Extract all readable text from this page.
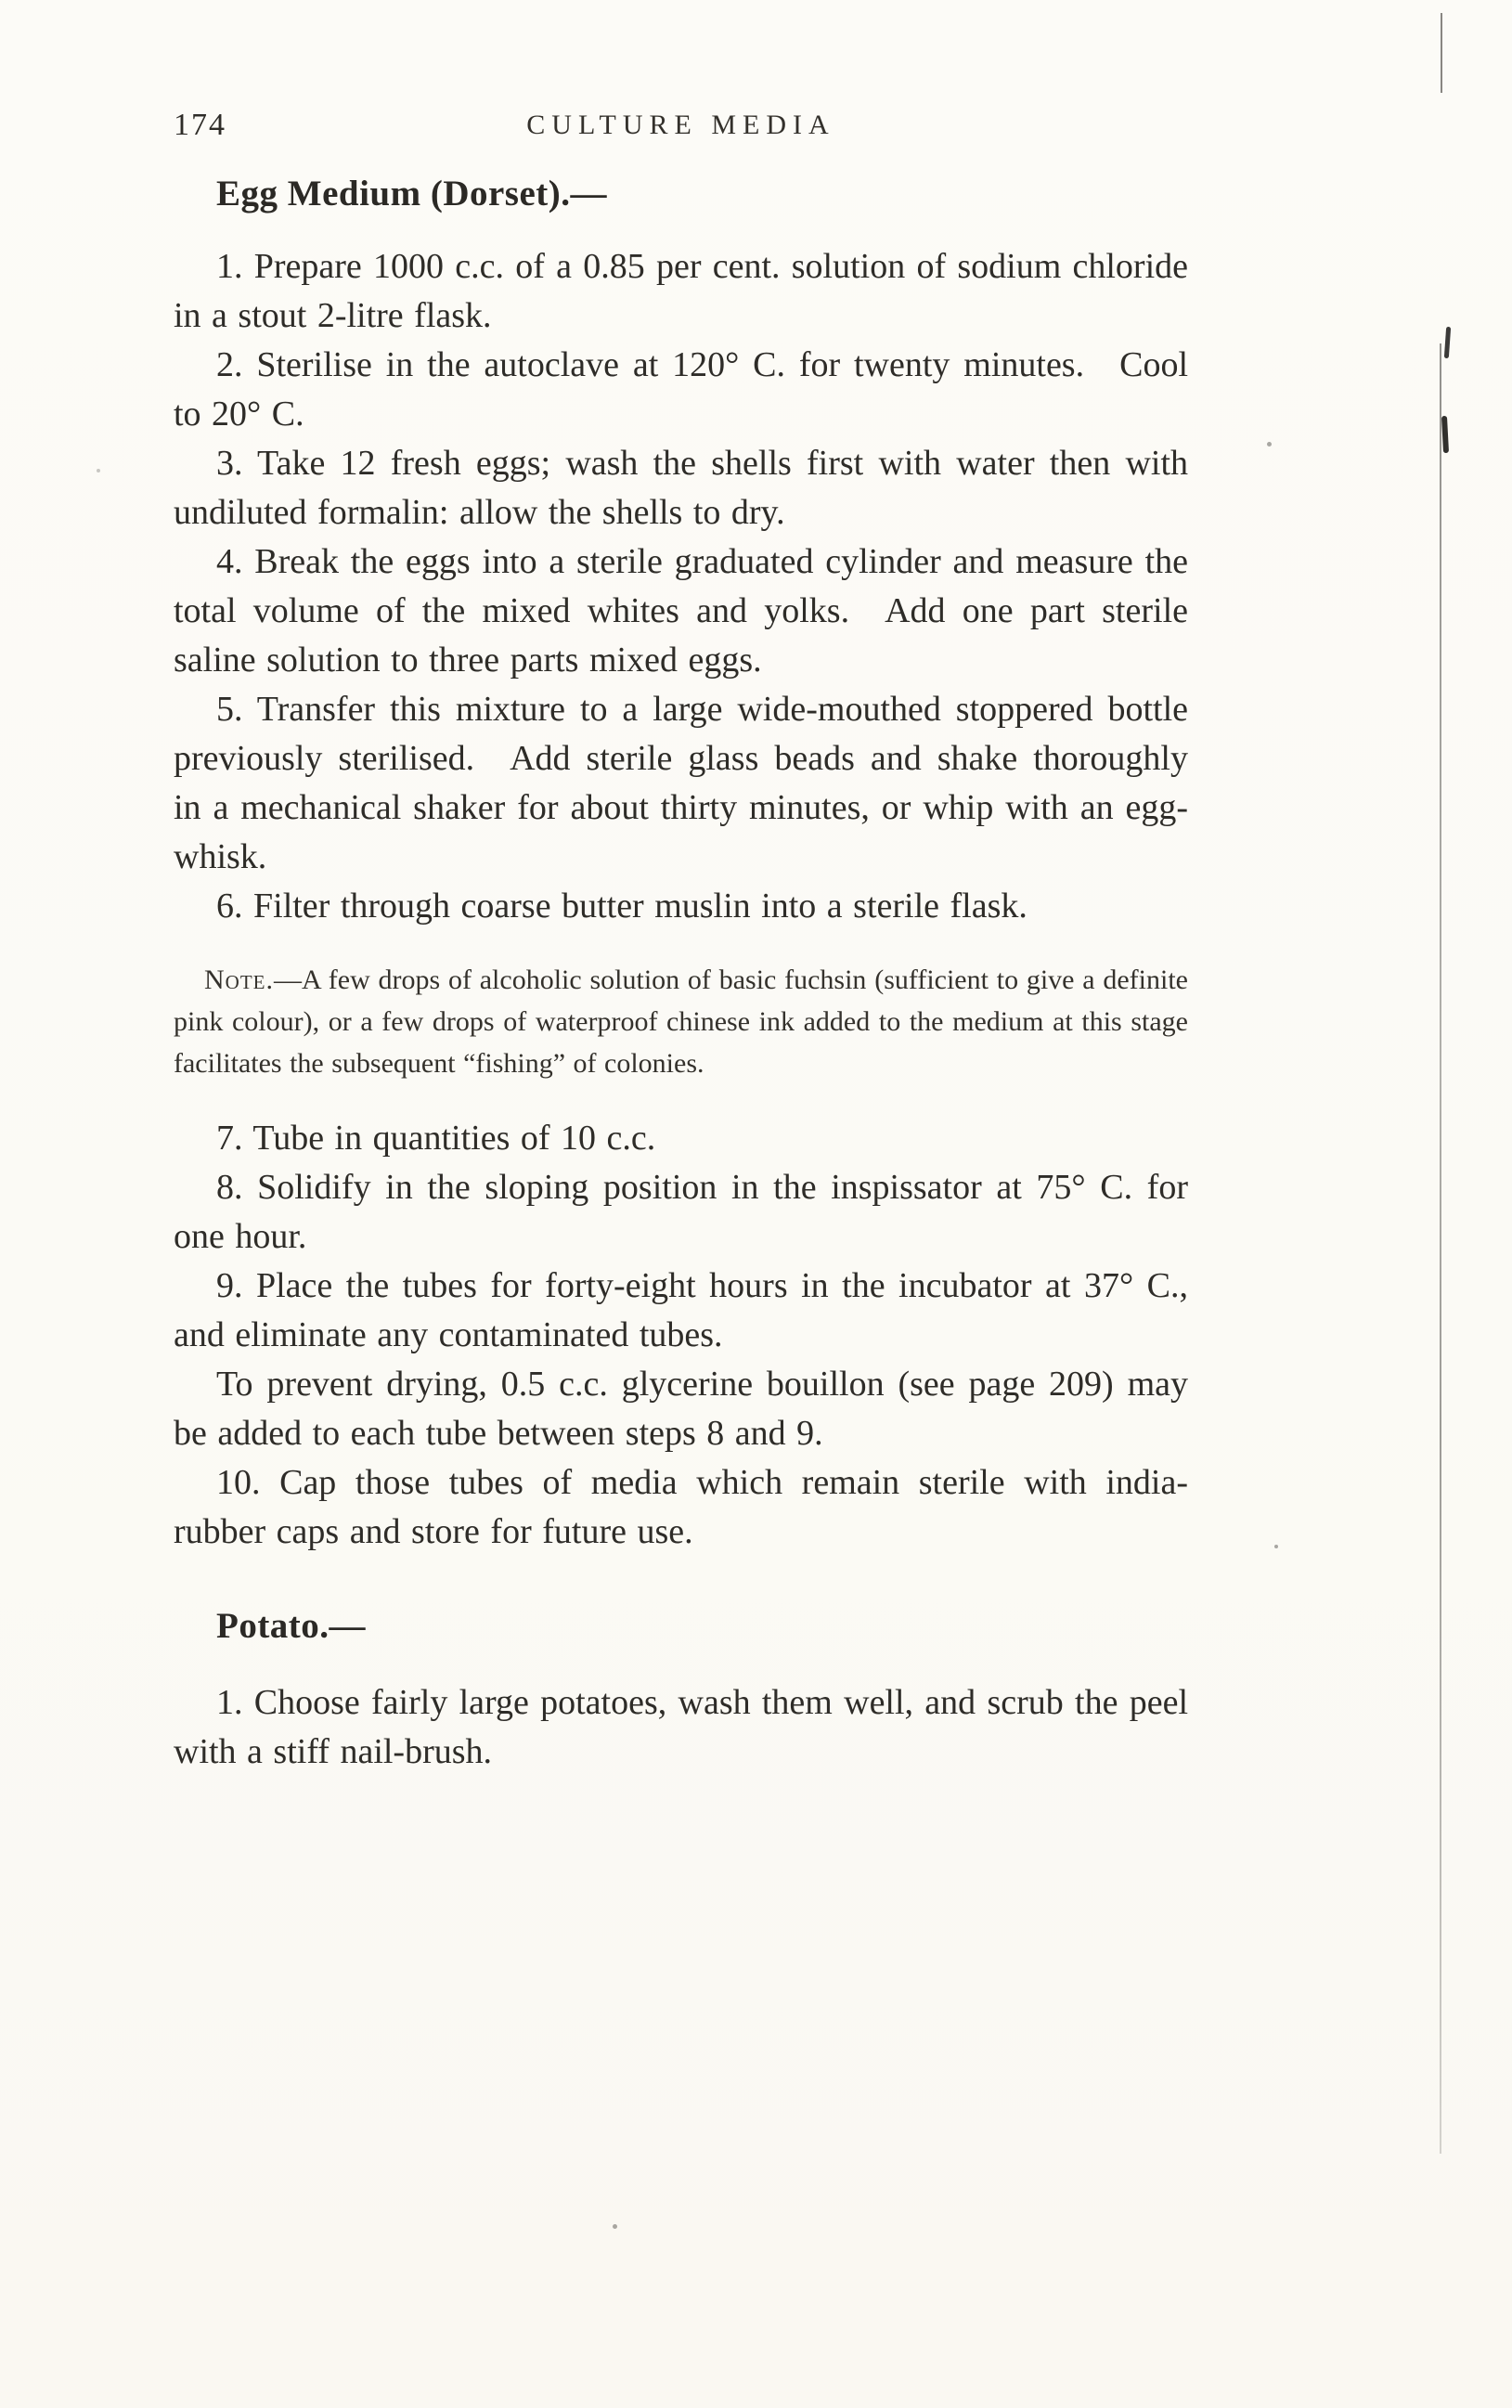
174	CULTURE MEDIA
Egg Medium (Dorset).—

1. Prepare 1000 c.c. of a 0.85 per cent. solution of sodium chloride in a stout 2-litre flask.

2. Sterilise in the autoclave at 120° C. for twenty minutes. Cool to 20° C.

3. Take 12 fresh eggs; wash the shells first with water then with undiluted formalin: allow the shells to dry.

4. Break the eggs into a sterile graduated cylinder and measure the total volume of the mixed whites and yolks. Add one part sterile saline solution to three parts mixed eggs.

5. Transfer this mixture to a large wide-mouthed stoppered bottle previously sterilised. Add sterile glass beads and shake thoroughly in a mechanical shaker for about thirty minutes, or whip with an egg-whisk.

6. Filter through coarse butter muslin into a sterile flask.

Note.—A few drops of alcoholic solution of basic fuchsin (sufficient to give a definite pink colour), or a few drops of waterproof chinese ink added to the medium at this stage facilitates the subsequent “fishing” of colonies.

7. Tube in quantities of 10 c.c.

8. Solidify in the sloping position in the inspissator at 75° C. for one hour.

9. Place the tubes for forty-eight hours in the incubator at 37° C., and eliminate any contaminated tubes.

To prevent drying, 0.5 c.c. glycerine bouillon (see page 209) may be added to each tube between steps 8 and 9.

10. Cap those tubes of media which remain sterile with india-rubber caps and store for future use.

Potato.—

1. Choose fairly large potatoes, wash them well, and scrub the peel with a stiff nail-brush.
